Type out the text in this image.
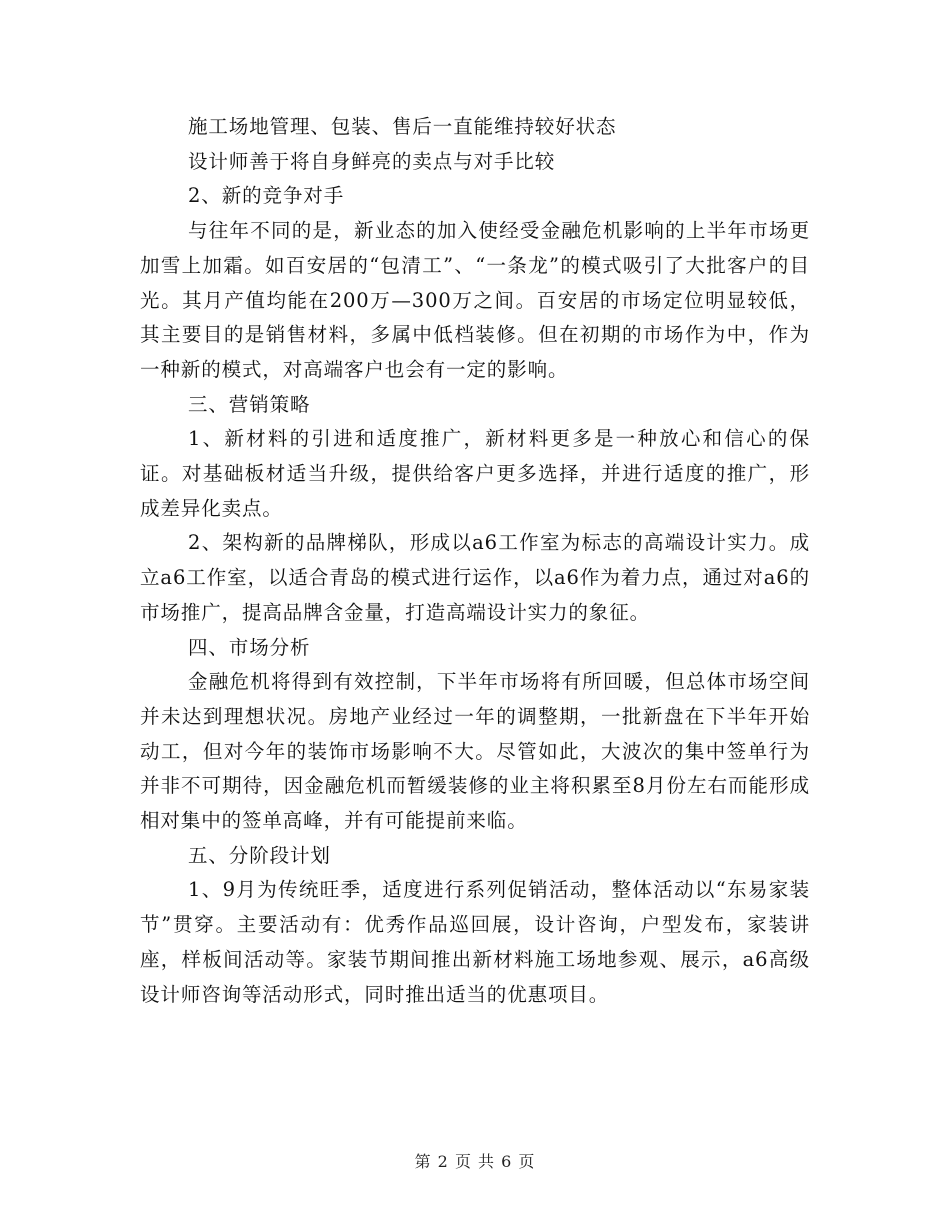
施工场地管理、包装、售后一直能维持较好状态

设计师善于将自身鲜亮的卖点与对手比较

2、新的竞争对手

与往年不同的是，新业态的加入使经受金融危机影响的上半年市场更加雪上加霜。如百安居的“包清工”、“一条龙”的模式吸引了大批客户的目光。其月产值均能在200万—300万之间。百安居的市场定位明显较低，其主要目的是销售材料，多属中低档装修。但在初期的市场作为中，作为一种新的模式，对高端客户也会有一定的影响。

三、营销策略

1、新材料的引进和适度推广，新材料更多是一种放心和信心的保证。对基础板材适当升级，提供给客户更多选择，并进行适度的推广，形成差异化卖点。

2、架构新的品牌梯队，形成以a6工作室为标志的高端设计实力。成立a6工作室，以适合青岛的模式进行运作，以a6作为着力点，通过对a6的市场推广，提高品牌含金量，打造高端设计实力的象征。

四、市场分析

金融危机将得到有效控制，下半年市场将有所回暖，但总体市场空间并未达到理想状况。房地产业经过一年的调整期，一批新盘在下半年开始动工，但对今年的装饰市场影响不大。尽管如此，大波次的集中签单行为并非不可期待，因金融危机而暂缓装修的业主将积累至8月份左右而能形成相对集中的签单高峰，并有可能提前来临。

五、分阶段计划

1、9月为传统旺季，适度进行系列促销活动，整体活动以“东易家装节”贯穿。主要活动有：优秀作品巡回展，设计咨询，户型发布，家装讲座，样板间活动等。家装节期间推出新材料施工场地参观、展示，a6高级设计师咨询等活动形式，同时推出适当的优惠项目。

第 2 页 共 6 页
